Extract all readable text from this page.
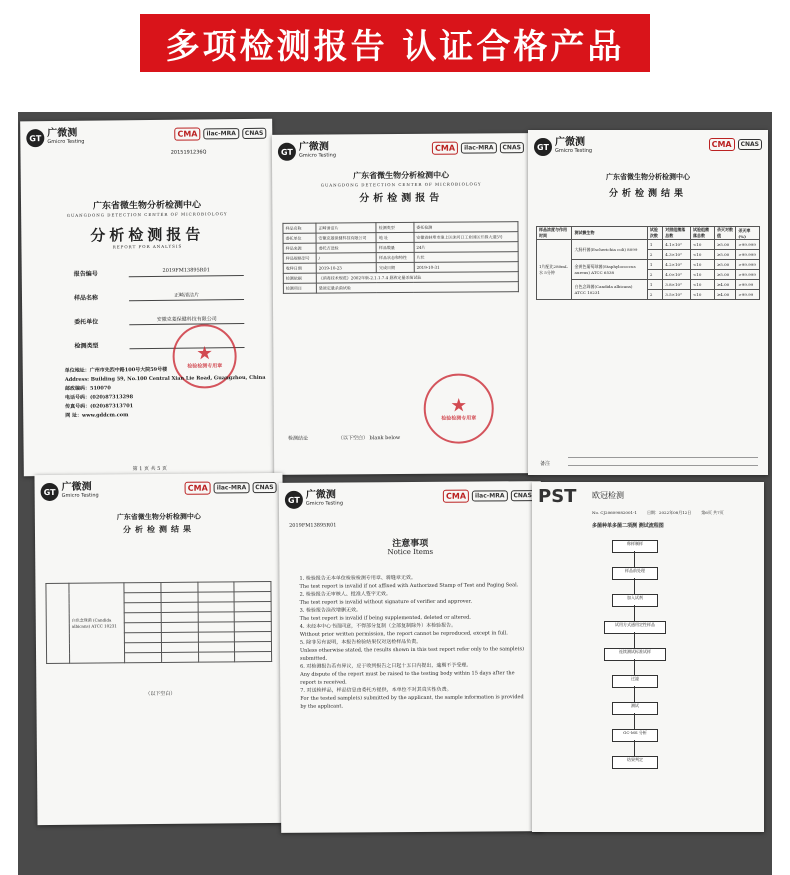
多项检测报告 认证合格产品
GT 广微测
Gmicro Testing
CMA	ilac-MRA	CNAS
2015191236Q
广东省微生物分析检测中心
GUANGDONG DETECTION CENTER OF MICROBIOLOGY
分析检测报告
REPORT FOR ANALYSIS
报告编号	2019FM13895R01
样品名称	正畸清洁片
委托单位	安徽克菱保健科技有限公司
检测类型	★
检验检测专用章
单位地址：广州市先烈中路100号大院59号楼
Address: Building 59, No.100 Central Xian Lie Road, Guangzhou, China
邮政编码：510070
电话号码：(020)87313298
传真号码：(020)87313701
网 址：www.gddcm.com
第 1 页 共 5 页
GT 广微测
Gmicro Testing
CMA	ilac-MRA	CNAS
广东省微生物分析检测中心
GUANGDONG DETECTION CENTER OF MICROBIOLOGY
分析检测报告
样品名称	正畸清洁片	检测类型	委托检测
委托单位	安徽克菱保健科技有限公司	地 址	安徽省蚌埠市淮上区沫河口工业园区开源大道5号
样品来源	委托方送检	样品数量	24片
样品规格型号	/	样品状态和特性	片状
收样日期	2019-10-23	完成日期	2019-10-31
检测依据	《消毒技术规范》2002年版-2.1.1.7.4 悬液定量杀菌试验		
检测项目	悬液定量杀菌试验		
检测结论	（以下空白） blank below
★
检验检测专用章
GT 广微测
Gmicro Testing
CMA	CNAS
广东省微生物分析检测中心
分析检测结果
样品浓度与作用时间	测试微生物	试验次数	对照组菌落总数	试验组菌落总数	杀灭对数值	杀灭率(%)
1片配比280mL水 5分钟	大肠杆菌(Escherichia coli) 8099	1	4.1×10⁵	<10	≥5.00	>99.999
		2	4.3×10⁵	<10	≥5.00	>99.999
	金黄色葡萄球菌(Staphylococcus aureus) ATCC 6538	1	4.2×10⁵	<10	≥5.00	>99.999
		2	4.0×10⁵	<10	≥5.00	>99.999
	白色念珠菌(Candida albicans) ATCC 10231	1	3.8×10⁵	<10	≥4.00	>99.99
		2	3.5×10⁵	<10	≥4.00	>99.99
备注
GT 广微测
Gmicro Testing
CMA	ilac-MRA	CNAS
广东省微生物分析检测中心
分析检测结果
	白色念珠菌 (Candida albicans) ATCC 10231				

（以下空白）
GT 广微测
Gmicro Testing
CMA	ilac-MRA	CNAS
2019FM13895R01
注意事项
Notice Items
1. 检验报告无本单位检验检测专用章、骑缝章无效。
The test report is invalid if not affixed with Authorized Stamp of Test and Paging Seal.
2. 检验报告无审核人、批准人签字无效。
The test report is invalid without signature of verifier and approver.
3. 检验报告涂改增删无效。
The test report is invalid if being supplemented, deleted or altered.
4. 未经本中心书面同意，不得部分复制（全部复制除外）本检验报告。
Without prior written permission, the report cannot be reproduced, except in full.
5. 除非另有说明，本报告检验结果仅对送检样品负责。
Unless otherwise stated, the results shown in this test report refer only to the sample(s) submitted.
6. 对检测报告若有异议，应于收到报告之日起十五日内提出，逾期不予受理。
Any dispute of the report must be raised to the testing body within 15 days after the report is received.
7. 对送检样品，样品信息由委托方提供，本单位不对其真实性负责。
For the tested sample(s) submitted by the applicant, the sample information is provided by the applicant.
PST 欧冠检测
No. CJ20609082001-1	日期：2022年08月12日	第6页 共7页
多菌种单多菌二项测 测试流程图
称样制样
样品前处理
加入试剂
试用方式通用定性样品
连续测试标准试样
过滤
测试
GC-MS 分析
结果判定
